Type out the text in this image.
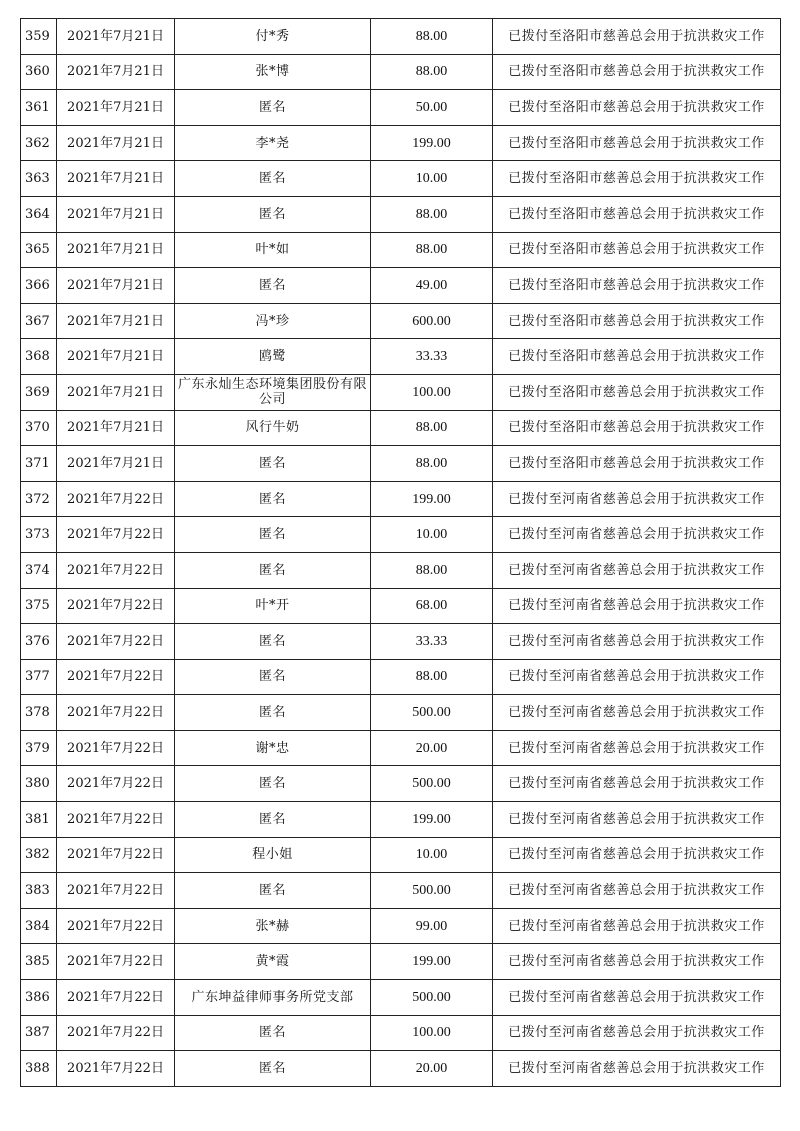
359	2021年7月21日	付*秀	88.00	已拨付至洛阳市慈善总会用于抗洪救灾工作
360	2021年7月21日	张*博	88.00	已拨付至洛阳市慈善总会用于抗洪救灾工作
361	2021年7月21日	匿名	50.00	已拨付至洛阳市慈善总会用于抗洪救灾工作
362	2021年7月21日	李*尧	199.00	已拨付至洛阳市慈善总会用于抗洪救灾工作
363	2021年7月21日	匿名	10.00	已拨付至洛阳市慈善总会用于抗洪救灾工作
364	2021年7月21日	匿名	88.00	已拨付至洛阳市慈善总会用于抗洪救灾工作
365	2021年7月21日	叶*如	88.00	已拨付至洛阳市慈善总会用于抗洪救灾工作
366	2021年7月21日	匿名	49.00	已拨付至洛阳市慈善总会用于抗洪救灾工作
367	2021年7月21日	冯*珍	600.00	已拨付至洛阳市慈善总会用于抗洪救灾工作
368	2021年7月21日	鸥鹭	33.33	已拨付至洛阳市慈善总会用于抗洪救灾工作
369	2021年7月21日	广东永灿生态环境集团股份有限公司	100.00	已拨付至洛阳市慈善总会用于抗洪救灾工作
370	2021年7月21日	风行牛奶	88.00	已拨付至洛阳市慈善总会用于抗洪救灾工作
371	2021年7月21日	匿名	88.00	已拨付至洛阳市慈善总会用于抗洪救灾工作
372	2021年7月22日	匿名	199.00	已拨付至河南省慈善总会用于抗洪救灾工作
373	2021年7月22日	匿名	10.00	已拨付至河南省慈善总会用于抗洪救灾工作
374	2021年7月22日	匿名	88.00	已拨付至河南省慈善总会用于抗洪救灾工作
375	2021年7月22日	叶*开	68.00	已拨付至河南省慈善总会用于抗洪救灾工作
376	2021年7月22日	匿名	33.33	已拨付至河南省慈善总会用于抗洪救灾工作
377	2021年7月22日	匿名	88.00	已拨付至河南省慈善总会用于抗洪救灾工作
378	2021年7月22日	匿名	500.00	已拨付至河南省慈善总会用于抗洪救灾工作
379	2021年7月22日	谢*忠	20.00	已拨付至河南省慈善总会用于抗洪救灾工作
380	2021年7月22日	匿名	500.00	已拨付至河南省慈善总会用于抗洪救灾工作
381	2021年7月22日	匿名	199.00	已拨付至河南省慈善总会用于抗洪救灾工作
382	2021年7月22日	程小姐	10.00	已拨付至河南省慈善总会用于抗洪救灾工作
383	2021年7月22日	匿名	500.00	已拨付至河南省慈善总会用于抗洪救灾工作
384	2021年7月22日	张*赫	99.00	已拨付至河南省慈善总会用于抗洪救灾工作
385	2021年7月22日	黄*霞	199.00	已拨付至河南省慈善总会用于抗洪救灾工作
386	2021年7月22日	广东坤益律师事务所党支部	500.00	已拨付至河南省慈善总会用于抗洪救灾工作
387	2021年7月22日	匿名	100.00	已拨付至河南省慈善总会用于抗洪救灾工作
388	2021年7月22日	匿名	20.00	已拨付至河南省慈善总会用于抗洪救灾工作
